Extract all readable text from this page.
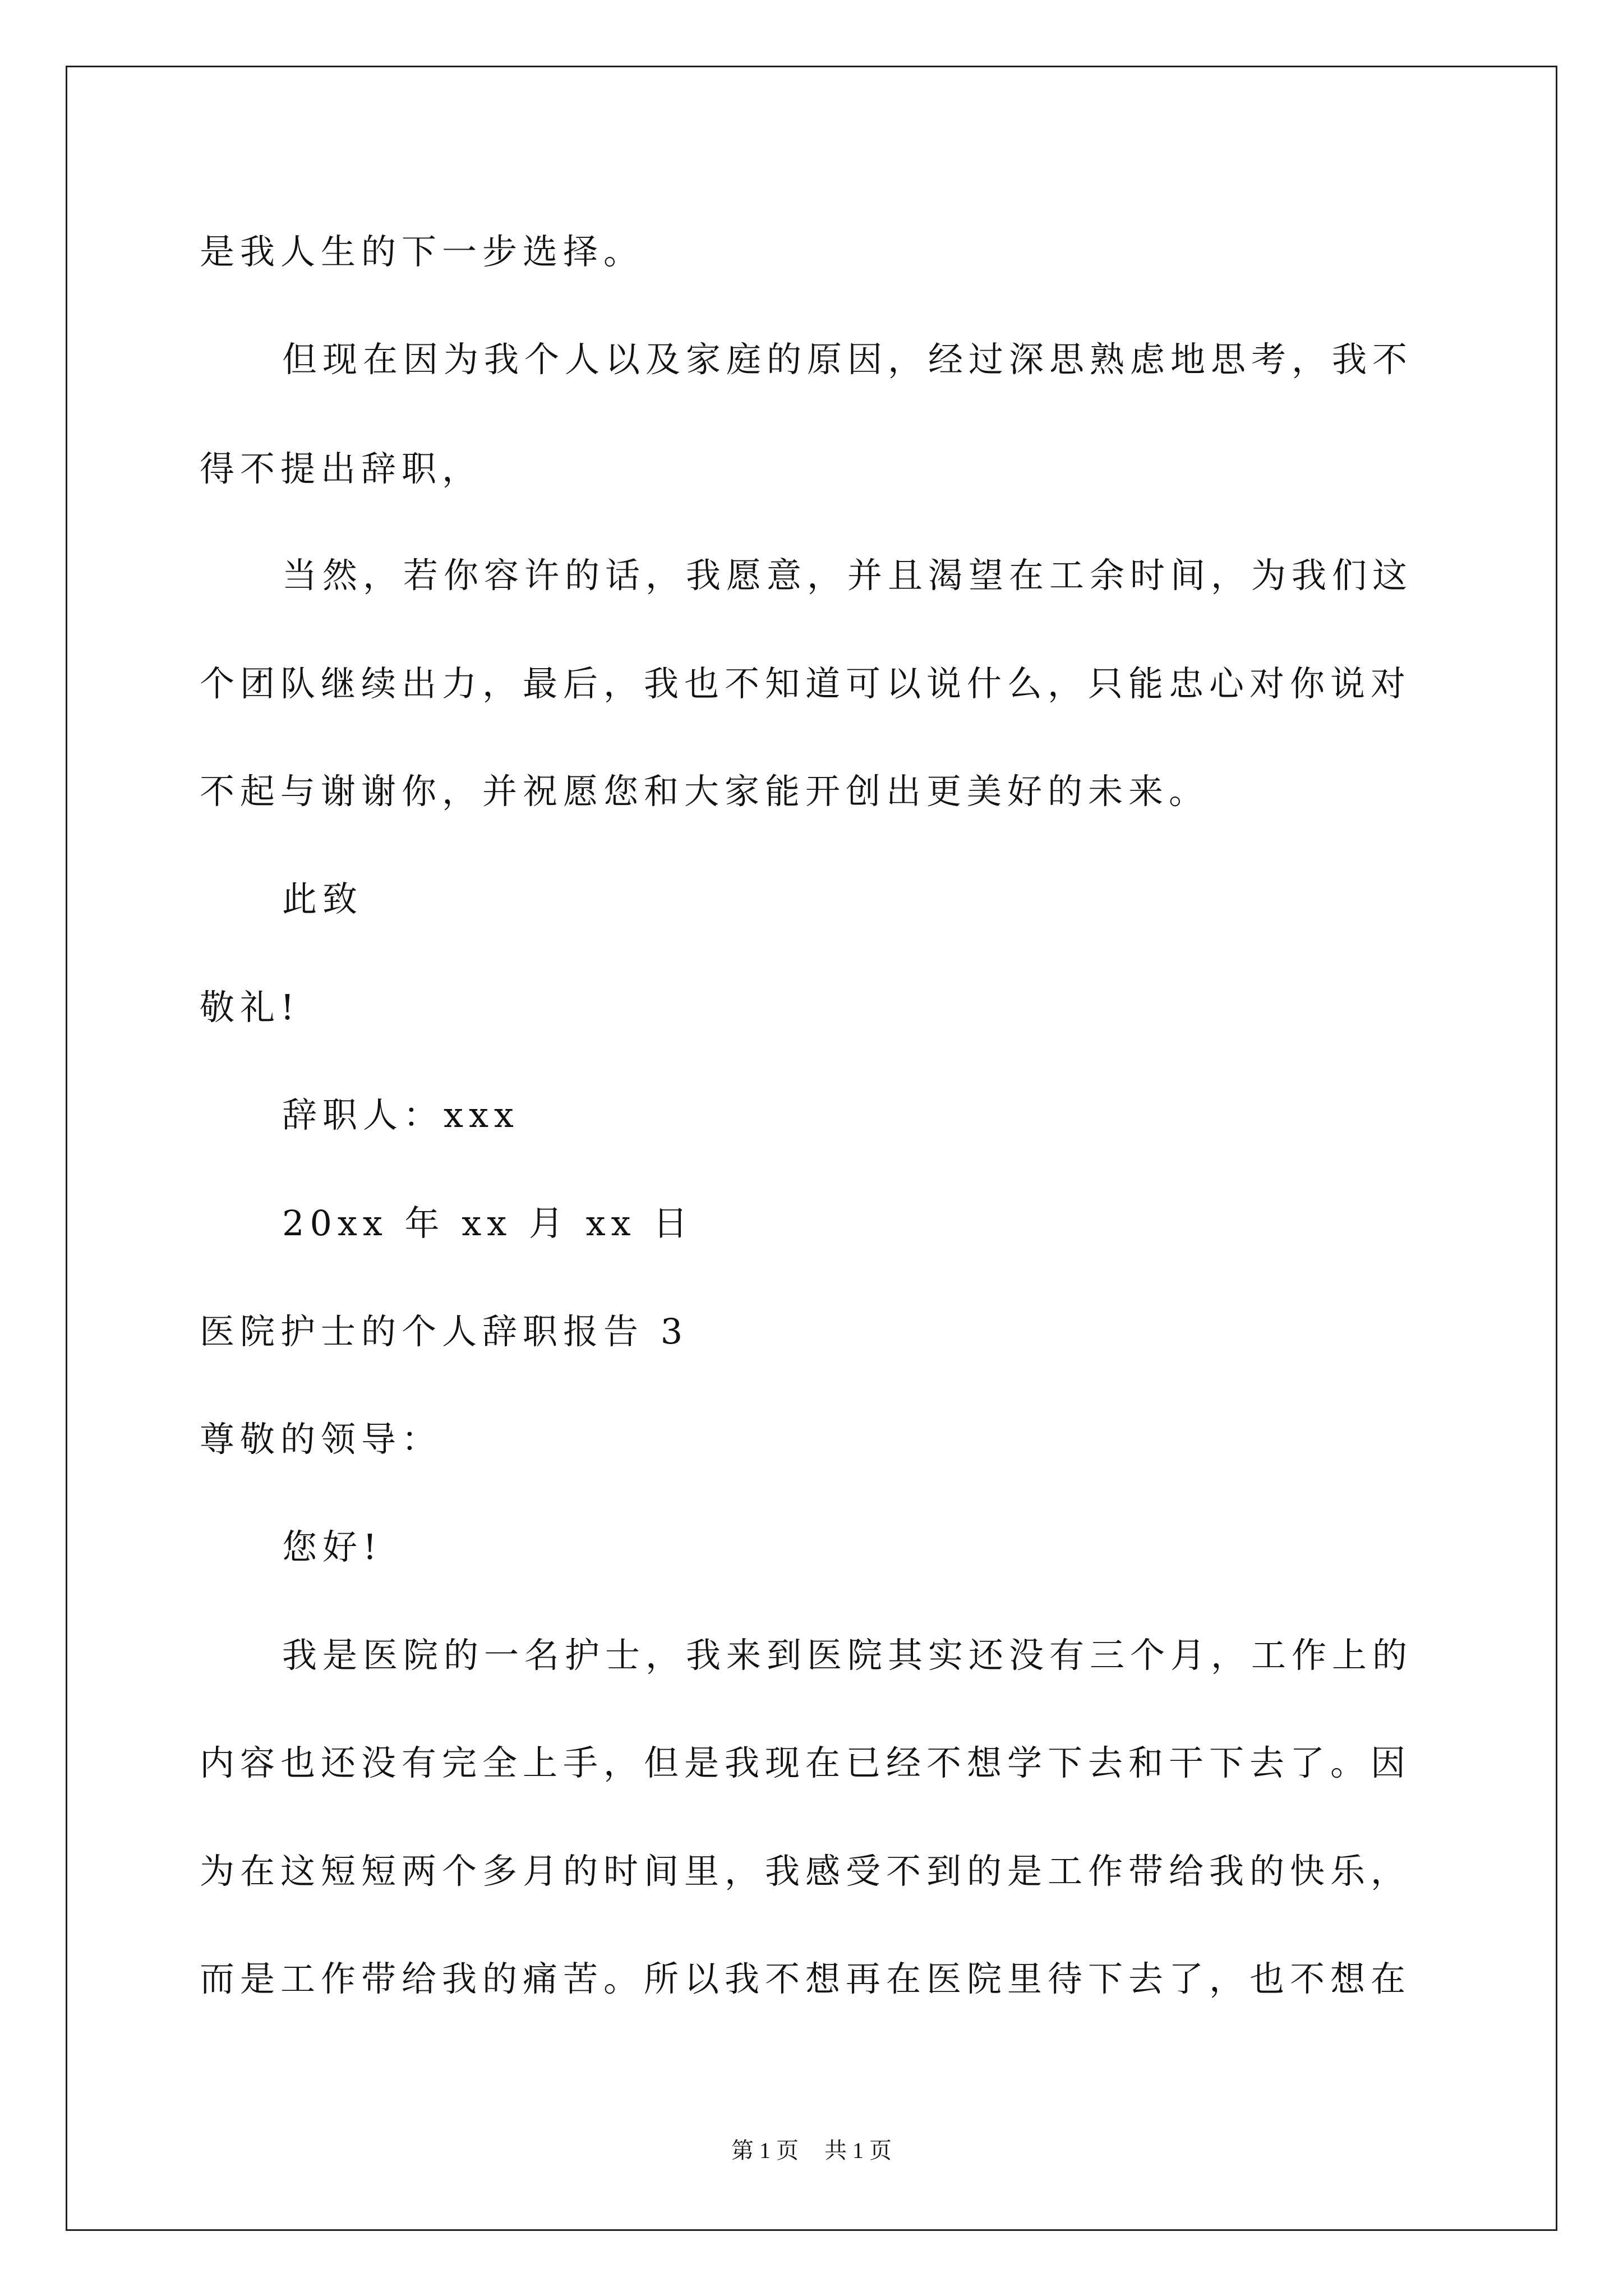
是我人生的下一步选择。
但现在因为我个人以及家庭的原因，经过深思熟虑地思考，我不
得不提出辞职，
当然，若你容许的话，我愿意，并且渴望在工余时间，为我们这
个团队继续出力，最后，我也不知道可以说什么，只能忠心对你说对
不起与谢谢你，并祝愿您和大家能开创出更美好的未来。
此致
敬礼!
辞职人：xxx
20xx 年 xx 月 xx 日
医院护士的个人辞职报告 3
尊敬的领导：
您好!
我是医院的一名护士，我来到医院其实还没有三个月，工作上的
内容也还没有完全上手，但是我现在已经不想学下去和干下去了。因
为在这短短两个多月的时间里，我感受不到的是工作带给我的快乐，
而是工作带给我的痛苦。所以我不想再在医院里待下去了，也不想在
第 1 页 共 1 页
